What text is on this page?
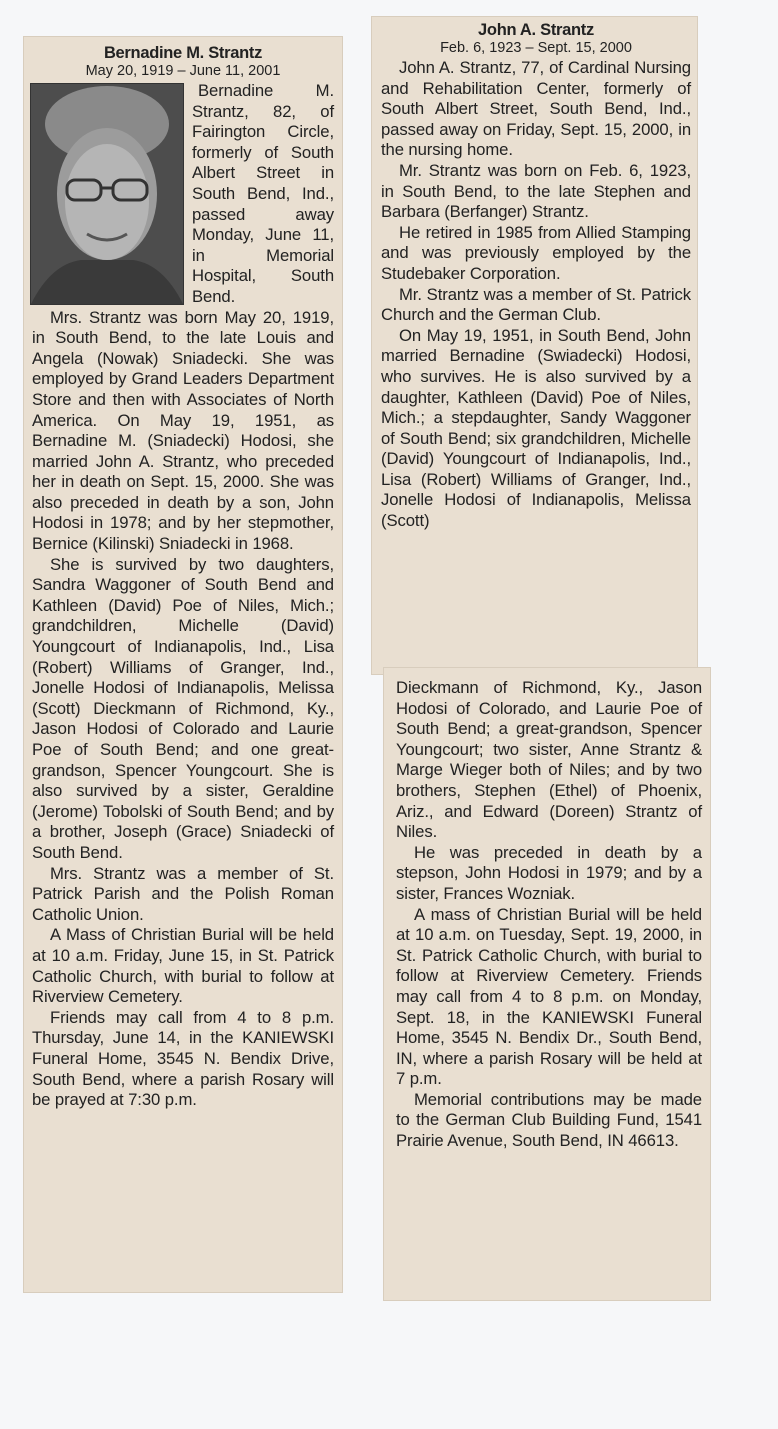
Bernadine M. Strantz
May 20, 1919 – June 11, 2001

Bernadine M. Strantz, 82, of Fairington Circle, formerly of South Albert Street in South Bend, Ind., passed away Monday, June 11, in Memorial Hospital, South Bend.

Mrs. Strantz was born May 20, 1919, in South Bend, to the late Louis and Angela (Nowak) Sniadecki. She was employed by Grand Leaders Department Store and then with Associates of North America. On May 19, 1951, as Bernadine M. (Sniadecki) Hodosi, she married John A. Strantz, who preceded her in death on Sept. 15, 2000. She was also preceded in death by a son, John Hodosi in 1978; and by her stepmother, Bernice (Kilinski) Sniadecki in 1968.

She is survived by two daughters, Sandra Waggoner of South Bend and Kathleen (David) Poe of Niles, Mich.; grandchildren, Michelle (David) Youngcourt of Indianapolis, Ind., Lisa (Robert) Williams of Granger, Ind., Jonelle Hodosi of Indianapolis, Melissa (Scott) Dieckmann of Richmond, Ky., Jason Hodosi of Colorado and Laurie Poe of South Bend; and one great-grandson, Spencer Youngcourt. She is also survived by a sister, Geraldine (Jerome) Tobolski of South Bend; and by a brother, Joseph (Grace) Sniadecki of South Bend.

Mrs. Strantz was a member of St. Patrick Parish and the Polish Roman Catholic Union.

A Mass of Christian Burial will be held at 10 a.m. Friday, June 15, in St. Patrick Catholic Church, with burial to follow at Riverview Cemetery.

Friends may call from 4 to 8 p.m. Thursday, June 14, in the KANIEWSKI Funeral Home, 3545 N. Bendix Drive, South Bend, where a parish Rosary will be prayed at 7:30 p.m.

John A. Strantz
Feb. 6, 1923 – Sept. 15, 2000

John A. Strantz, 77, of Cardinal Nursing and Rehabilitation Center, formerly of South Albert Street, South Bend, Ind., passed away on Friday, Sept. 15, 2000, in the nursing home.

Mr. Strantz was born on Feb. 6, 1923, in South Bend, to the late Stephen and Barbara (Berfanger) Strantz.

He retired in 1985 from Allied Stamping and was previously employed by the Studebaker Corporation.

Mr. Strantz was a member of St. Patrick Church and the German Club.

On May 19, 1951, in South Bend, John married Bernadine (Swiadecki) Hodosi, who survives. He is also survived by a daughter, Kathleen (David) Poe of Niles, Mich.; a stepdaughter, Sandy Waggoner of South Bend; six grandchildren, Michelle (David) Youngcourt of Indianapolis, Ind., Lisa (Robert) Williams of Granger, Ind., Jonelle Hodosi of Indianapolis, Melissa (Scott)

Dieckmann of Richmond, Ky., Jason Hodosi of Colorado, and Laurie Poe of South Bend; a great-grandson, Spencer Youngcourt; two sister, Anne Strantz & Marge Wieger both of Niles; and by two brothers, Stephen (Ethel) of Phoenix, Ariz., and Edward (Doreen) Strantz of Niles.

He was preceded in death by a stepson, John Hodosi in 1979; and by a sister, Frances Wozniak.

A mass of Christian Burial will be held at 10 a.m. on Tuesday, Sept. 19, 2000, in St. Patrick Catholic Church, with burial to follow at Riverview Cemetery. Friends may call from 4 to 8 p.m. on Monday, Sept. 18, in the KANIEWSKI Funeral Home, 3545 N. Bendix Dr., South Bend, IN, where a parish Rosary will be held at 7 p.m.

Memorial contributions may be made to the German Club Building Fund, 1541 Prairie Avenue, South Bend, IN 46613.
